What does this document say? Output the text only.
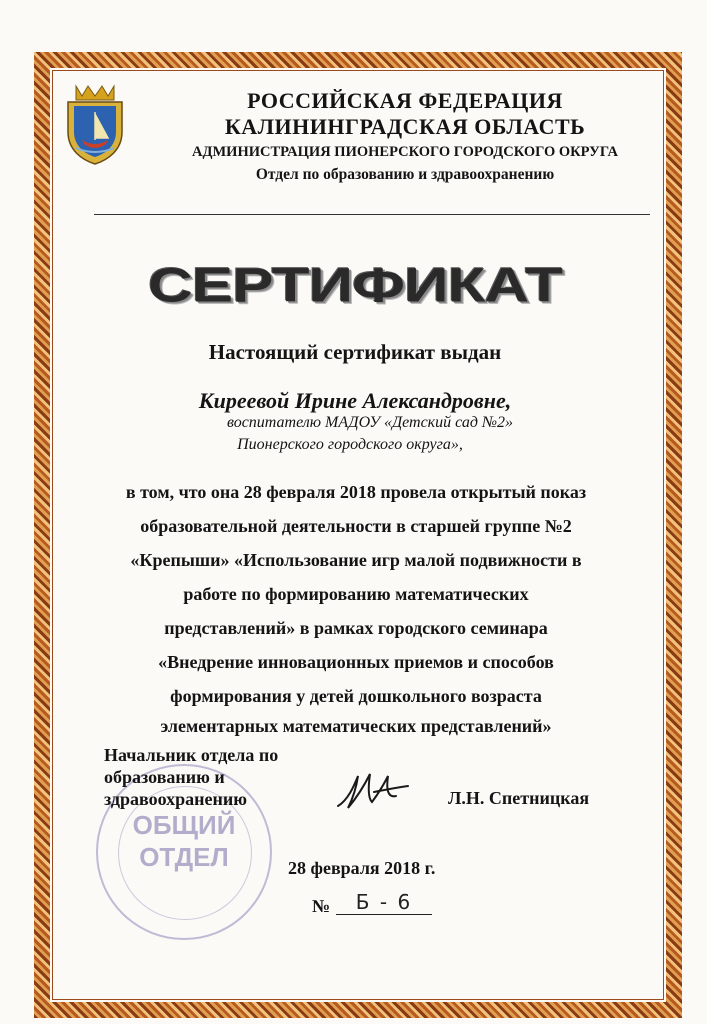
РОССИЙСКАЯ ФЕДЕРАЦИЯ
КАЛИНИНГРАДСКАЯ ОБЛАСТЬ
АДМИНИСТРАЦИЯ ПИОНЕРСКОГО ГОРОДСКОГО ОКРУГА
Отдел по образованию и здравоохранению
СЕРТИФИКАТ
Настоящий сертификат выдан
Киреевой Ирине Александровне,
воспитателю МАДОУ «Детский сад №2»
Пионерского городского округа»,
в том, что она 28 февраля 2018 провела открытый показ
образовательной деятельности в старшей группе №2
«Крепыши» «Использование игр малой подвижности в
работе по формированию математических
представлений» в рамках городского семинара
«Внедрение инновационных приемов и способов
формирования у детей дошкольного возраста
элементарных математических представлений»
ОБЩИЙ
ОТДЕЛ
Начальник отдела по
образованию и
здравоохранению	Л.Н. Спетницкая
28 февраля 2018 г.
№	Б - 6
